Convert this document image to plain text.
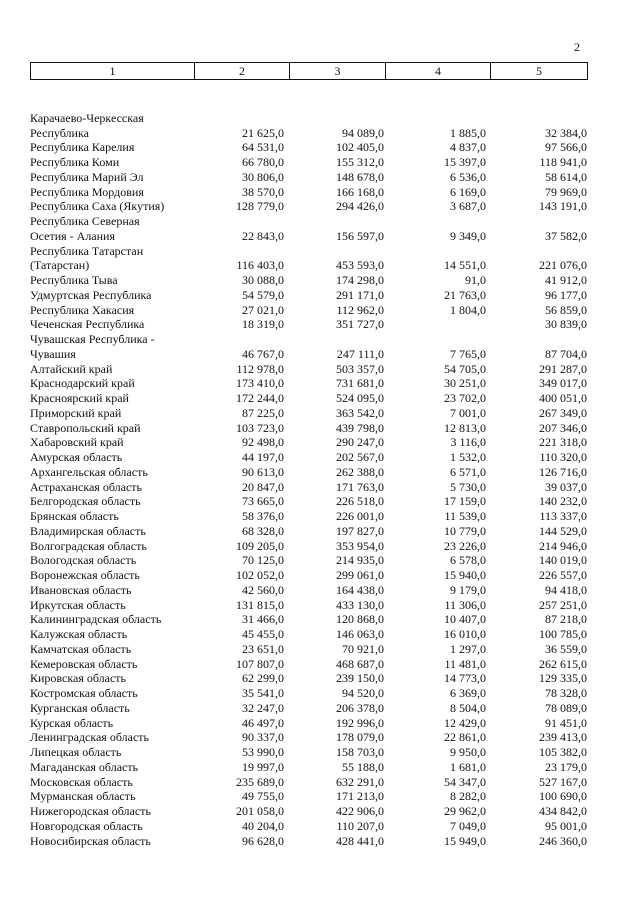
2
1	2	3	4	5

Карачаево-Черкесская				
Республика	21 625,0	94 089,0	1 885,0	32 384,0
Республика Карелия	64 531,0	102 405,0	4 837,0	97 566,0
Республика Коми	66 780,0	155 312,0	15 397,0	118 941,0
Республика Марий Эл	30 806,0	148 678,0	6 536,0	58 614,0
Республика Мордовия	38 570,0	166 168,0	6 169,0	79 969,0
Республика Саха (Якутия)	128 779,0	294 426,0	3 687,0	143 191,0
Республика Северная				
Осетия - Алания	22 843,0	156 597,0	9 349,0	37 582,0
Республика Татарстан				
(Татарстан)	116 403,0	453 593,0	14 551,0	221 076,0
Республика Тыва	30 088,0	174 298,0	91,0	41 912,0
Удмуртская Республика	54 579,0	291 171,0	21 763,0	96 177,0
Республика Хакасия	27 021,0	112 962,0	1 804,0	56 859,0
Чеченская Республика	18 319,0	351 727,0		30 839,0
Чувашская Республика -				
Чувашия	46 767,0	247 111,0	7 765,0	87 704,0
Алтайский край	112 978,0	503 357,0	54 705,0	291 287,0
Краснодарский край	173 410,0	731 681,0	30 251,0	349 017,0
Красноярский край	172 244,0	524 095,0	23 702,0	400 051,0
Приморский край	87 225,0	363 542,0	7 001,0	267 349,0
Ставропольский край	103 723,0	439 798,0	12 813,0	207 346,0
Хабаровский край	92 498,0	290 247,0	3 116,0	221 318,0
Амурская область	44 197,0	202 567,0	1 532,0	110 320,0
Архангельская область	90 613,0	262 388,0	6 571,0	126 716,0
Астраханская область	20 847,0	171 763,0	5 730,0	39 037,0
Белгородская область	73 665,0	226 518,0	17 159,0	140 232,0
Брянская область	58 376,0	226 001,0	11 539,0	113 337,0
Владимирская область	68 328,0	197 827,0	10 779,0	144 529,0
Волгоградская область	109 205,0	353 954,0	23 226,0	214 946,0
Вологодская область	70 125,0	214 935,0	6 578,0	140 019,0
Воронежская область	102 052,0	299 061,0	15 940,0	226 557,0
Ивановская область	42 560,0	164 438,0	9 179,0	94 418,0
Иркутская область	131 815,0	433 130,0	11 306,0	257 251,0
Калининградская область	31 466,0	120 868,0	10 407,0	87 218,0
Калужская область	45 455,0	146 063,0	16 010,0	100 785,0
Камчатская область	23 651,0	70 921,0	1 297,0	36 559,0
Кемеровская область	107 807,0	468 687,0	11 481,0	262 615,0
Кировская область	62 299,0	239 150,0	14 773,0	129 335,0
Костромская область	35 541,0	94 520,0	6 369,0	78 328,0
Курганская область	32 247,0	206 378,0	8 504,0	78 089,0
Курская область	46 497,0	192 996,0	12 429,0	91 451,0
Ленинградская область	90 337,0	178 079,0	22 861,0	239 413,0
Липецкая область	53 990,0	158 703,0	9 950,0	105 382,0
Магаданская область	19 997,0	55 188,0	1 681,0	23 179,0
Московская область	235 689,0	632 291,0	54 347,0	527 167,0
Мурманская область	49 755,0	171 213,0	8 282,0	100 690,0
Нижегородская область	201 058,0	422 906,0	29 962,0	434 842,0
Новгородская область	40 204,0	110 207,0	7 049,0	95 001,0
Новосибирская область	96 628,0	428 441,0	15 949,0	246 360,0
